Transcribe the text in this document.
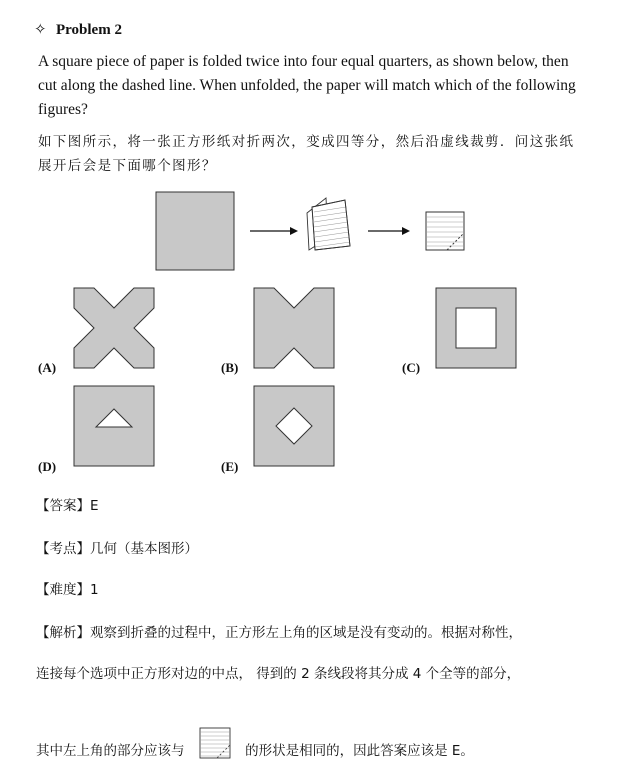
✧ Problem 2
A square piece of paper is folded twice into four equal quarters, as shown below, then cut along the dashed line. When unfolded, the paper will match which of the following figures?
如下图所示，将一张正方形纸对折两次，变成四等分，然后沿虚线裁剪．问这张纸展开后会是下面哪个图形？
(A)	(B)	(C)
(D)	(E)
【答案】E
【考点】几何（基本图形）
【难度】1
【解析】观察到折叠的过程中，正方形左上角的区域是没有变动的。根据对称性，
连接每个选项中正方形对边的中点， 得到的 2 条线段将其分成 4 个全等的部分，
其中左上角的部分应该与	的形状是相同的，因此答案应该是 E。
